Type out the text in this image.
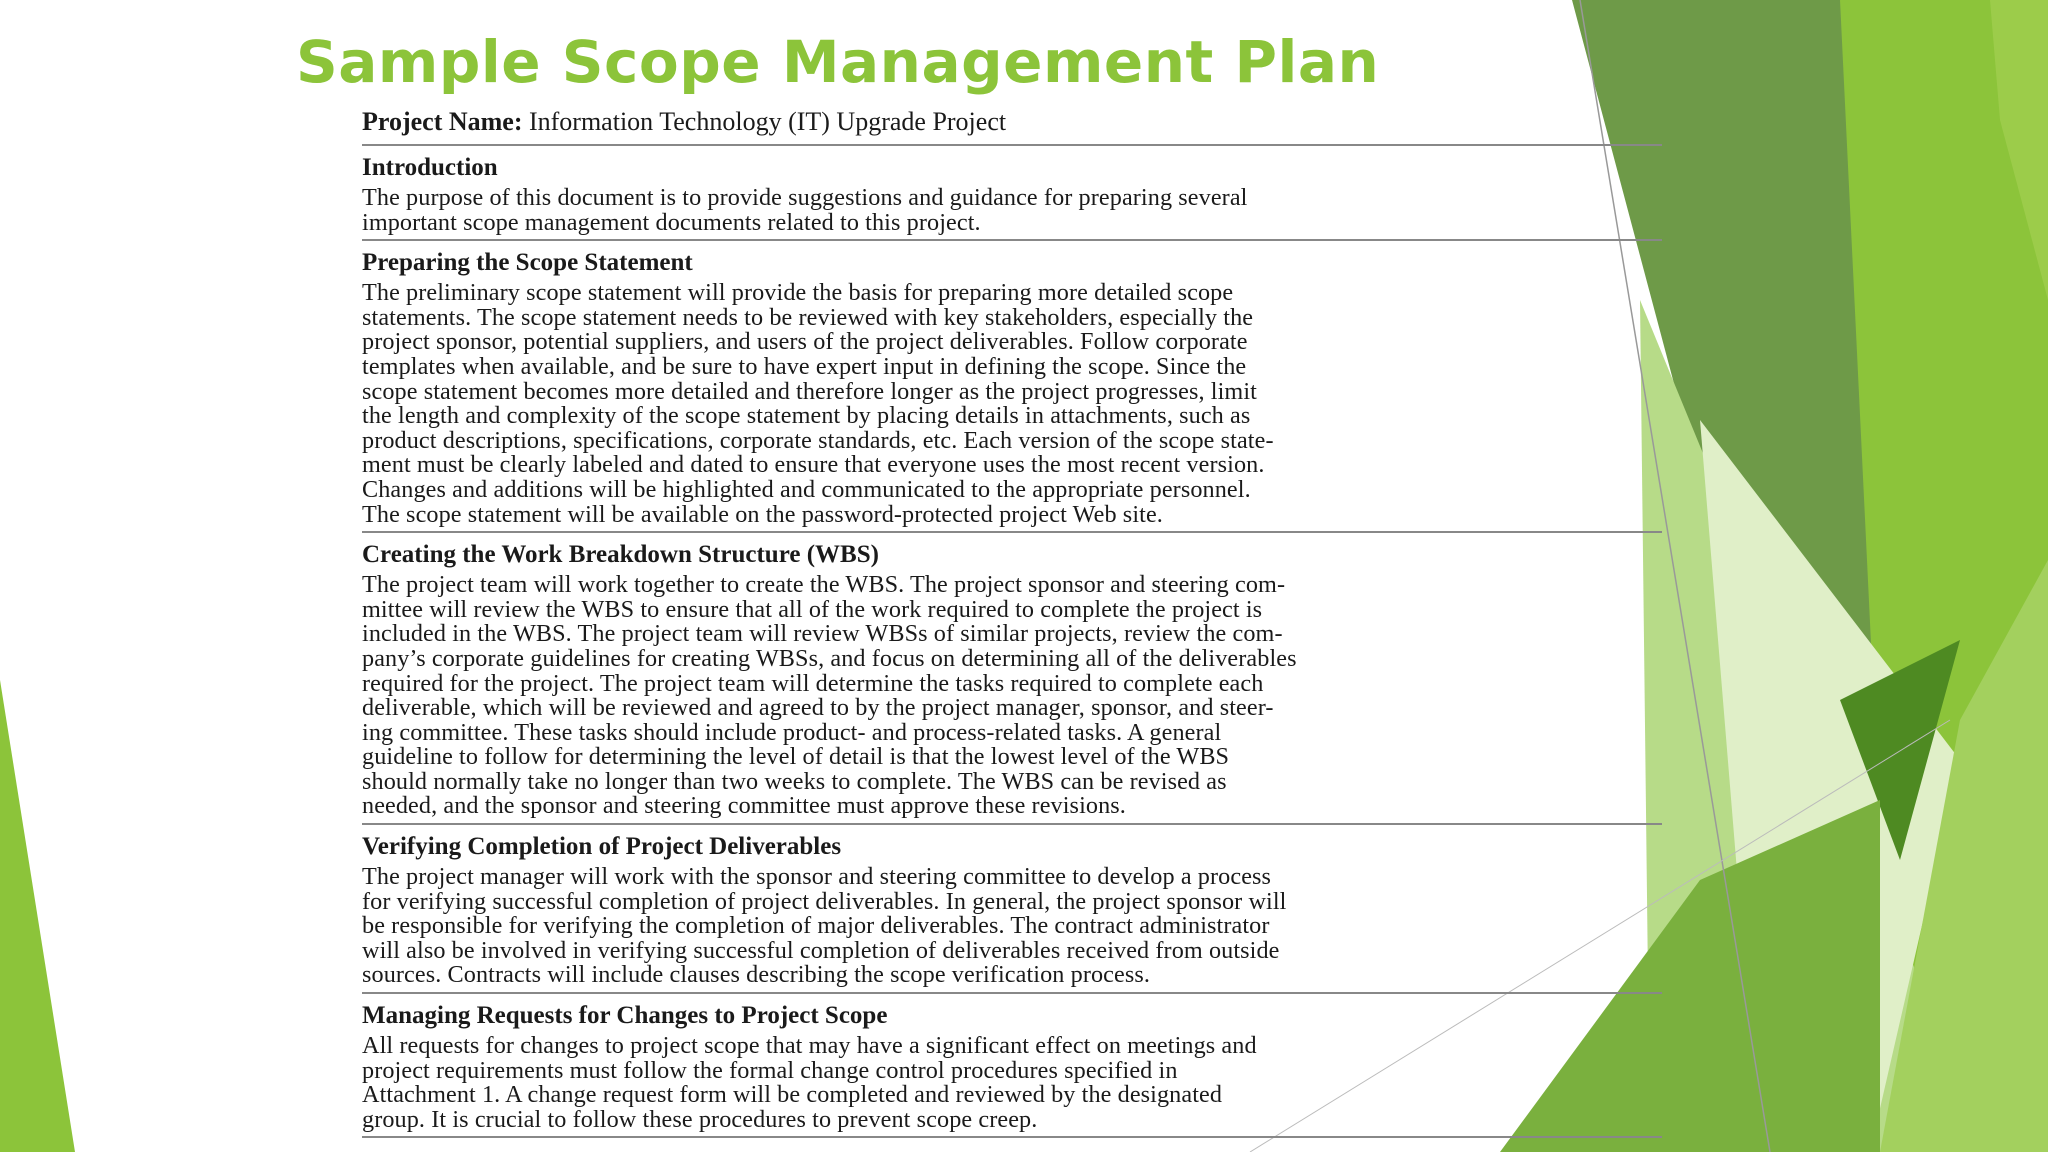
Sample Scope Management Plan
Project Name: Information Technology (IT) Upgrade Project
Introduction

The purpose of this document is to provide suggestions and guidance for preparing several
important scope management documents related to this project.

Preparing the Scope Statement

The preliminary scope statement will provide the basis for preparing more detailed scope
statements. The scope statement needs to be reviewed with key stakeholders, especially the
project sponsor, potential suppliers, and users of the project deliverables. Follow corporate
templates when available, and be sure to have expert input in defining the scope. Since the
scope statement becomes more detailed and therefore longer as the project progresses, limit
the length and complexity of the scope statement by placing details in attachments, such as
product descriptions, specifications, corporate standards, etc. Each version of the scope state-
ment must be clearly labeled and dated to ensure that everyone uses the most recent version.
Changes and additions will be highlighted and communicated to the appropriate personnel.
The scope statement will be available on the password-protected project Web site.

Creating the Work Breakdown Structure (WBS)

The project team will work together to create the WBS. The project sponsor and steering com-
mittee will review the WBS to ensure that all of the work required to complete the project is
included in the WBS. The project team will review WBSs of similar projects, review the com-
pany’s corporate guidelines for creating WBSs, and focus on determining all of the deliverables
required for the project. The project team will determine the tasks required to complete each
deliverable, which will be reviewed and agreed to by the project manager, sponsor, and steer-
ing committee. These tasks should include product- and process-related tasks. A general
guideline to follow for determining the level of detail is that the lowest level of the WBS
should normally take no longer than two weeks to complete. The WBS can be revised as
needed, and the sponsor and steering committee must approve these revisions.

Verifying Completion of Project Deliverables

The project manager will work with the sponsor and steering committee to develop a process
for verifying successful completion of project deliverables. In general, the project sponsor will
be responsible for verifying the completion of major deliverables. The contract administrator
will also be involved in verifying successful completion of deliverables received from outside
sources. Contracts will include clauses describing the scope verification process.

Managing Requests for Changes to Project Scope

All requests for changes to project scope that may have a significant effect on meetings and
project requirements must follow the formal change control procedures specified in
Attachment 1. A change request form will be completed and reviewed by the designated
group. It is crucial to follow these procedures to prevent scope creep.
